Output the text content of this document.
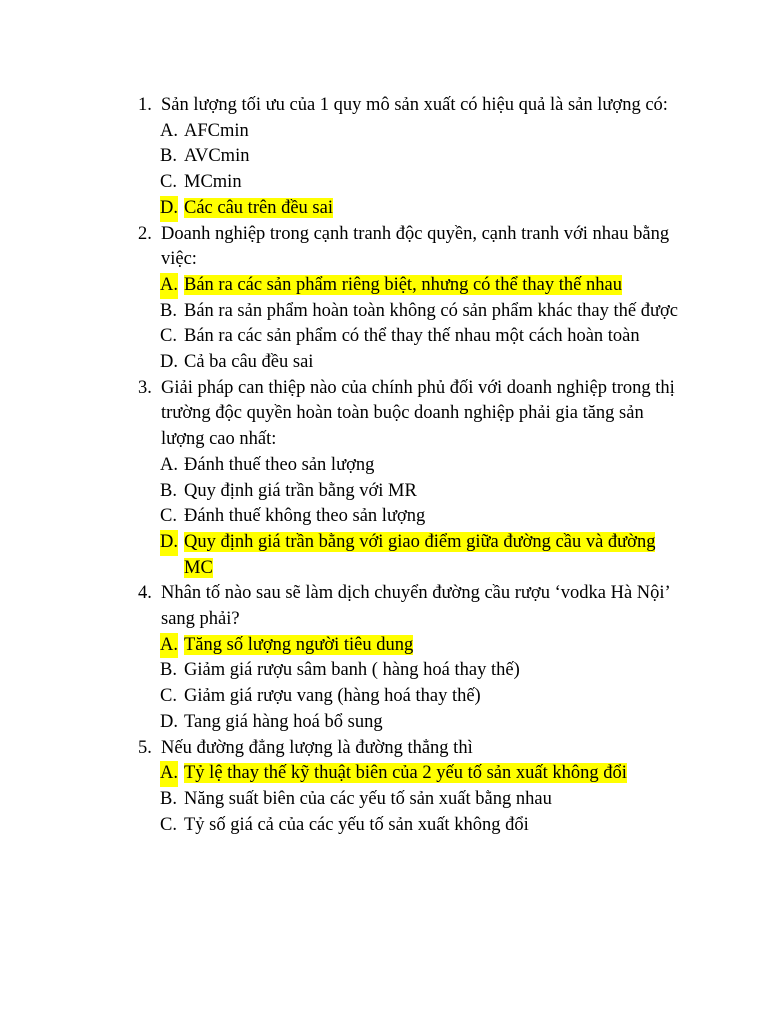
1. Sản lượng tối ưu của 1 quy mô sản xuất có hiệu quả là sản lượng có:
A. AFCmin
B. AVCmin
C. MCmin
D. Các câu trên đều sai
2. Doanh nghiệp trong cạnh tranh độc quyền, cạnh tranh với nhau bằng việc:
A. Bán ra các sản phẩm riêng biệt, nhưng có thể thay thế nhau
B. Bán ra sản phẩm hoàn toàn không có sản phẩm khác thay thế được
C. Bán ra các sản phẩm có thể thay thế nhau một cách hoàn toàn
D. Cả ba câu đều sai
3. Giải pháp can thiệp nào của chính phủ đối với doanh nghiệp trong thị trường độc quyền hoàn toàn buộc doanh nghiệp phải gia tăng sản lượng cao nhất:
A. Đánh thuế theo sản lượng
B. Quy định giá trần bằng với MR
C. Đánh thuế không theo sản lượng
D. Quy định giá trần bằng với giao điểm giữa đường cầu và đường MC
4. Nhân tố nào sau sẽ làm dịch chuyển đường cầu rượu ‘vodka Hà Nội’ sang phải?
A. Tăng số lượng người tiêu dung
B. Giảm giá rượu sâm banh ( hàng hoá thay thế)
C. Giảm giá rượu vang (hàng hoá thay thế)
D. Tang giá hàng hoá bổ sung
5. Nếu đường đẳng lượng là đường thẳng thì
A. Tỷ lệ thay thế kỹ thuật biên của 2 yếu tố sản xuất không đổi
B. Năng suất biên của các yếu tố sản xuất bằng nhau
C. Tỷ số giá cả của các yếu tố sản xuất không đổi
